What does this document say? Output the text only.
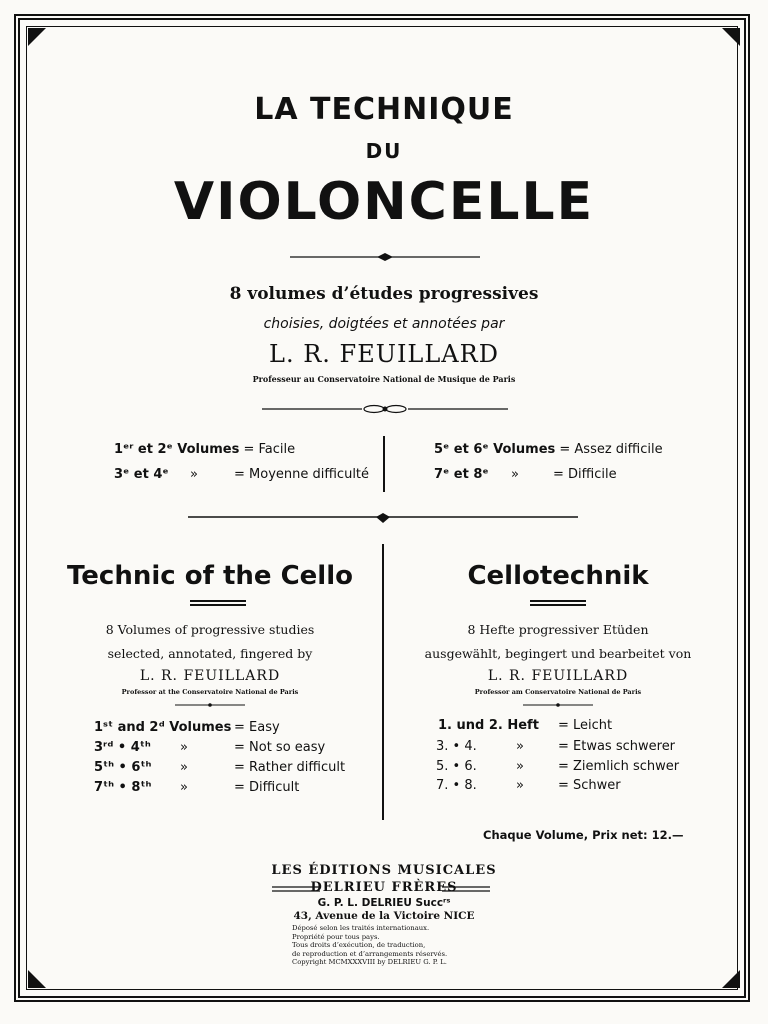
LA TECHNIQUE
DU
VIOLONCELLE
8 volumes d’études progressives
choisies, doigtées et annotées par
L. R. FEUILLARD
Professeur au Conservatoire National de Musique de Paris
1ᵉʳ et 2ᵉ Volumes = Facile
3ᵉ et 4ᵉ »	= Moyenne difficulté
5ᵉ et 6ᵉ Volumes = Assez difficile
7ᵉ et 8ᵉ »	= Difficile
Technic of the Cello
8 Volumes of progressive studies
selected, annotated, fingered by
L. R. FEUILLARD
Professor at the Conservatoire National de Paris
1ˢᵗ and 2ᵈ Volumes = Easy
3ʳᵈ • 4ᵗʰ »	= Not so easy
5ᵗʰ • 6ᵗʰ »	= Rather difficult
7ᵗʰ • 8ᵗʰ »	= Difficult
Cellotechnik
8 Hefte progressiver Etüden
ausgewählt, begingert und bearbeitet von
L. R. FEUILLARD
Professor am Conservatoire National de Paris
1. und 2. Heft = Leicht
3. • 4.	»	= Etwas schwerer
5. • 6.	»	= Ziemlich schwer
7. • 8.	»	= Schwer
Chaque Volume, Prix net: 12.—
LES ÉDITIONS MUSICALES
DELRIEU FRÈRES
G. P. L. DELRIEU Succʳˢ
43, Avenue de la Victoire NICE
Déposé selon les traités internationaux.
Propriété pour tous pays.
Tous droits d’exécution, de traduction,
de reproduction et d’arrangements réservés.
Copyright MCMXXXVIII by DELRIEU G. P. L.
